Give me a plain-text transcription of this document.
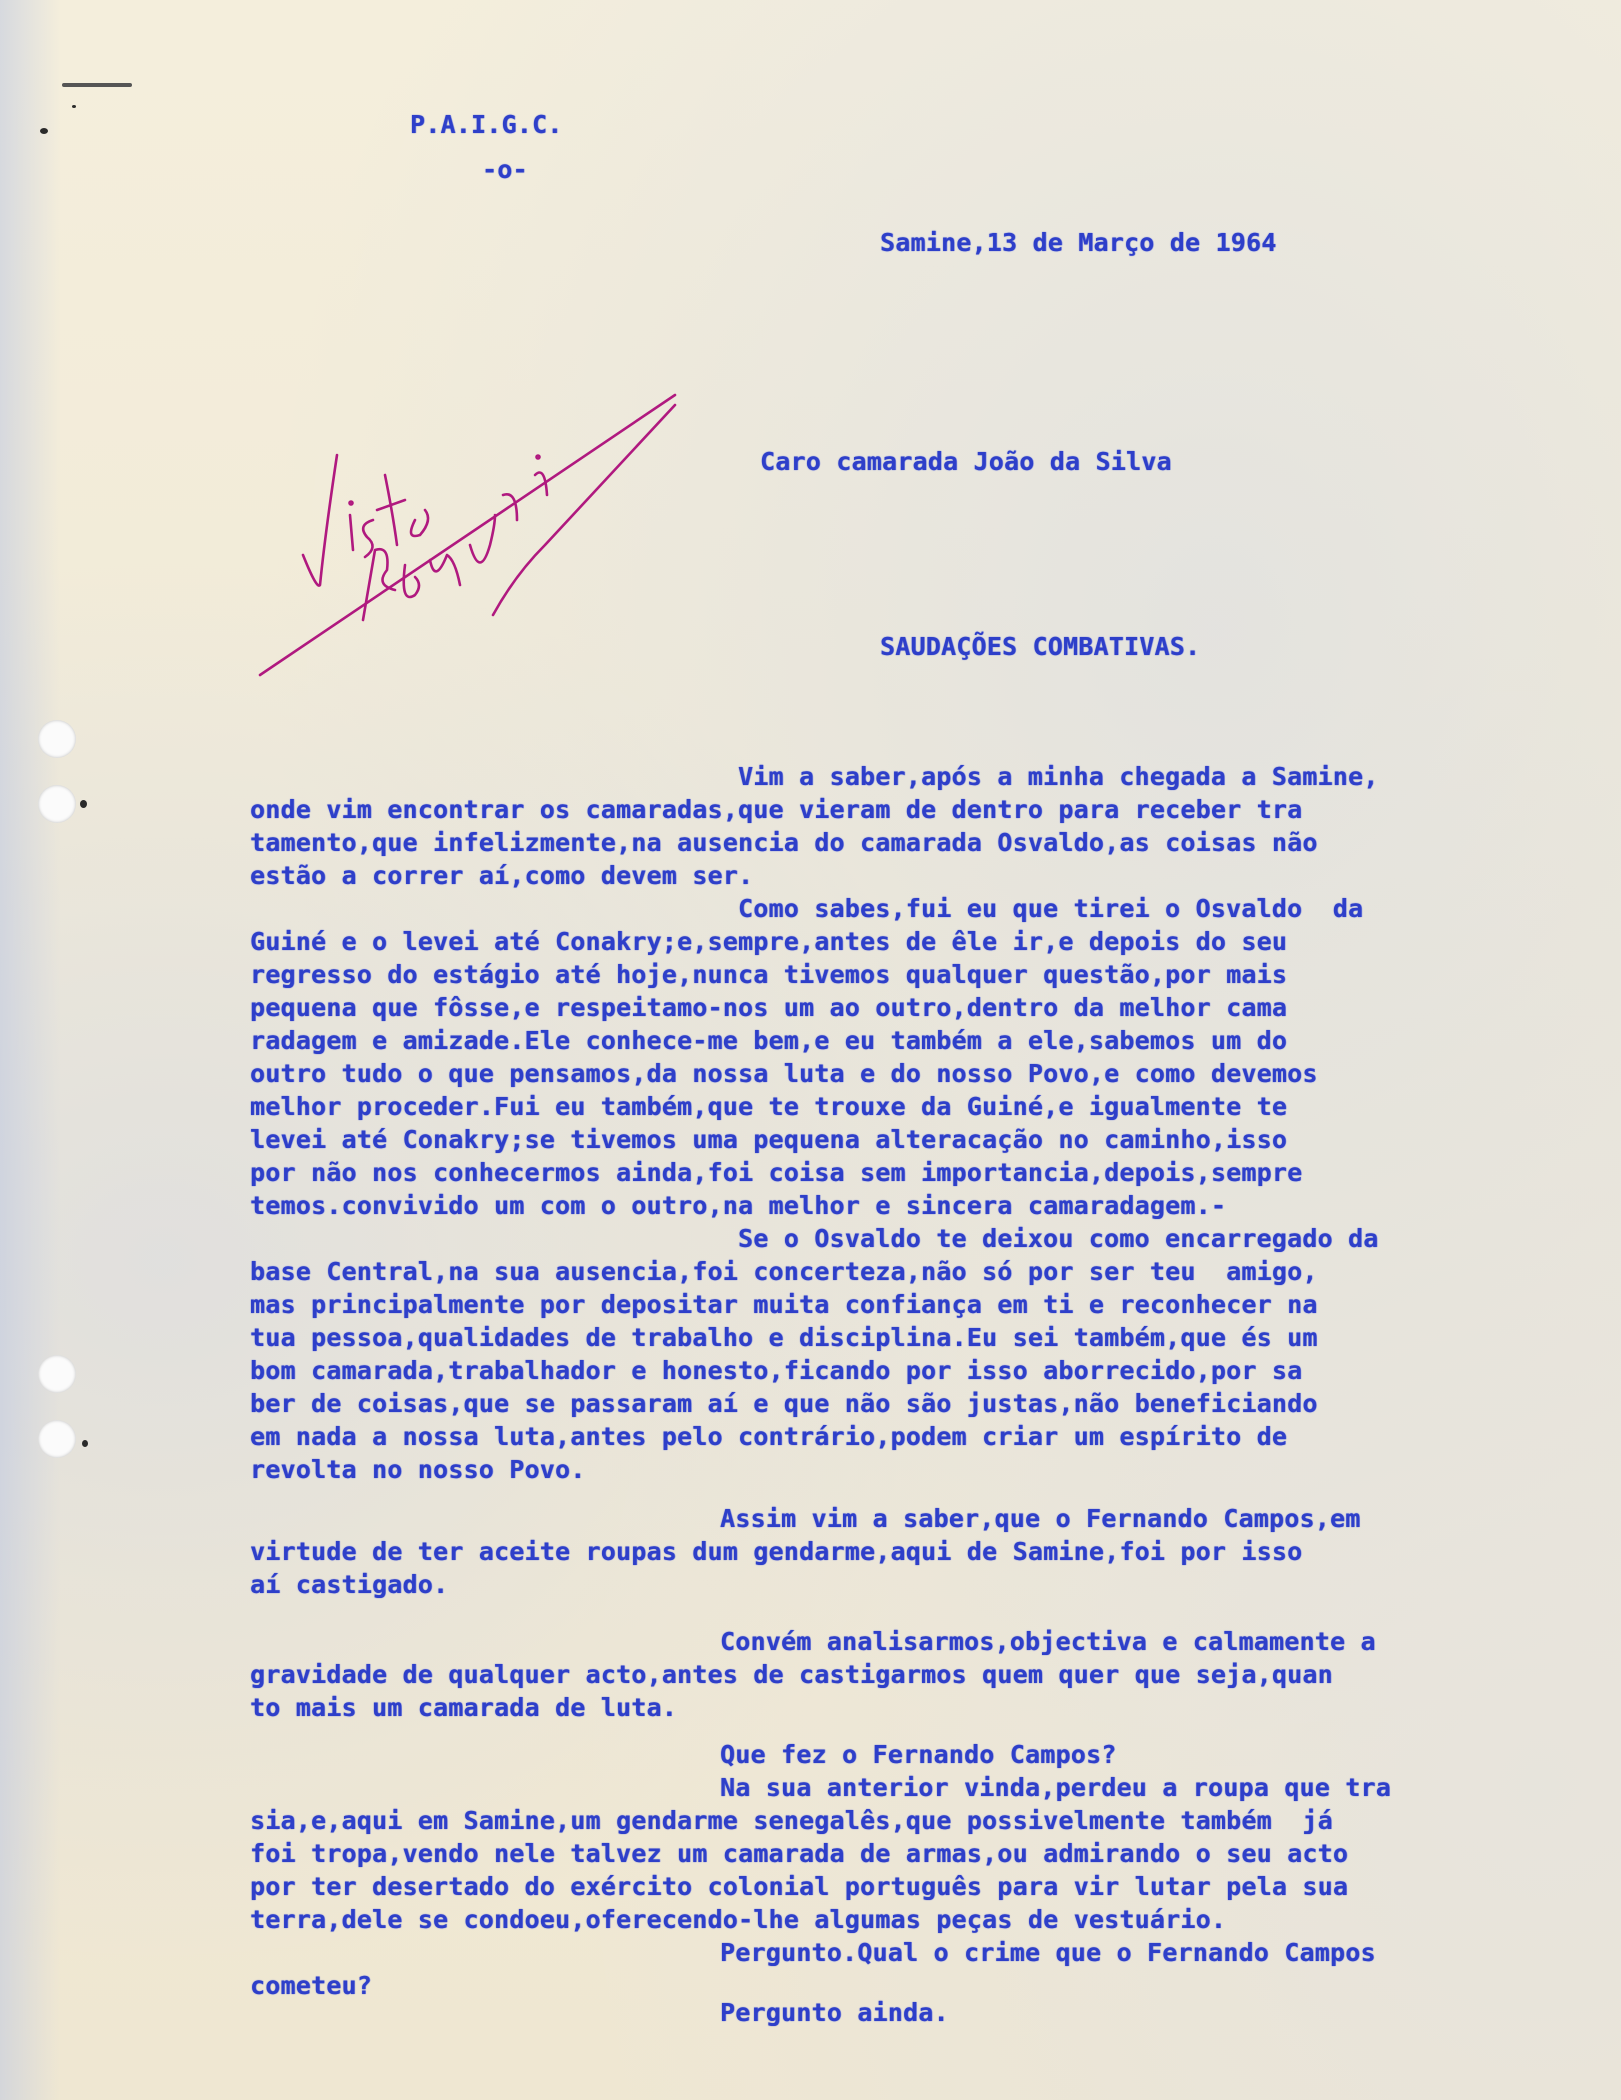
P.A.I.G.C.
-o-
Samine,13 de Março de 1964
Caro camarada João da Silva
SAUDAÇÕES COMBATIVAS.

Vim a saber,após a minha chegada a Samine,

onde vim encontrar os camaradas,que vieram de dentro para receber tra

tamento,que infelizmente,na ausencia do camarada Osvaldo,as coisas não

estão a correr aí,como devem ser.

Como sabes,fui eu que tirei o Osvaldo  da

Guiné e o levei até Conakry;e,sempre,antes de êle ir,e depois do seu

regresso do estágio até hoje,nunca tivemos qualquer questão,por mais

pequena que fôsse,e respeitamo-nos um ao outro,dentro da melhor cama

radagem e amizade.Ele conhece-me bem,e eu também a ele,sabemos um do

outro tudo o que pensamos,da nossa luta e do nosso Povo,e como devemos

melhor proceder.Fui eu também,que te trouxe da Guiné,e igualmente te

levei até Conakry;se tivemos uma pequena alteracação no caminho,isso

por não nos conhecermos ainda,foi coisa sem importancia,depois,sempre

temos.convivido um com o outro,na melhor e sincera camaradagem.-

Se o Osvaldo te deixou como encarregado da

base Central,na sua ausencia,foi concerteza,não só por ser teu  amigo,

mas principalmente por depositar muita confiança em ti e reconhecer na

tua pessoa,qualidades de trabalho e disciplina.Eu sei também,que és um

bom camarada,trabalhador e honesto,ficando por isso aborrecido,por sa

ber de coisas,que se passaram aí e que não são justas,não beneficiando

em nada a nossa luta,antes pelo contrário,podem criar um espírito de

revolta no nosso Povo.

Assim vim a saber,que o Fernando Campos,em

virtude de ter aceite roupas dum gendarme,aqui de Samine,foi por isso

aí castigado.

Convém analisarmos,objectiva e calmamente a

gravidade de qualquer acto,antes de castigarmos quem quer que seja,quan

to mais um camarada de luta.

Que fez o Fernando Campos?

Na sua anterior vinda,perdeu a roupa que tra

sia,e,aqui em Samine,um gendarme senegalês,que possivelmente também  já

foi tropa,vendo nele talvez um camarada de armas,ou admirando o seu acto

por ter desertado do exército colonial português para vir lutar pela sua

terra,dele se condoeu,oferecendo-lhe algumas peças de vestuário.

Pergunto.Qual o crime que o Fernando Campos

cometeu?

Pergunto ainda.
